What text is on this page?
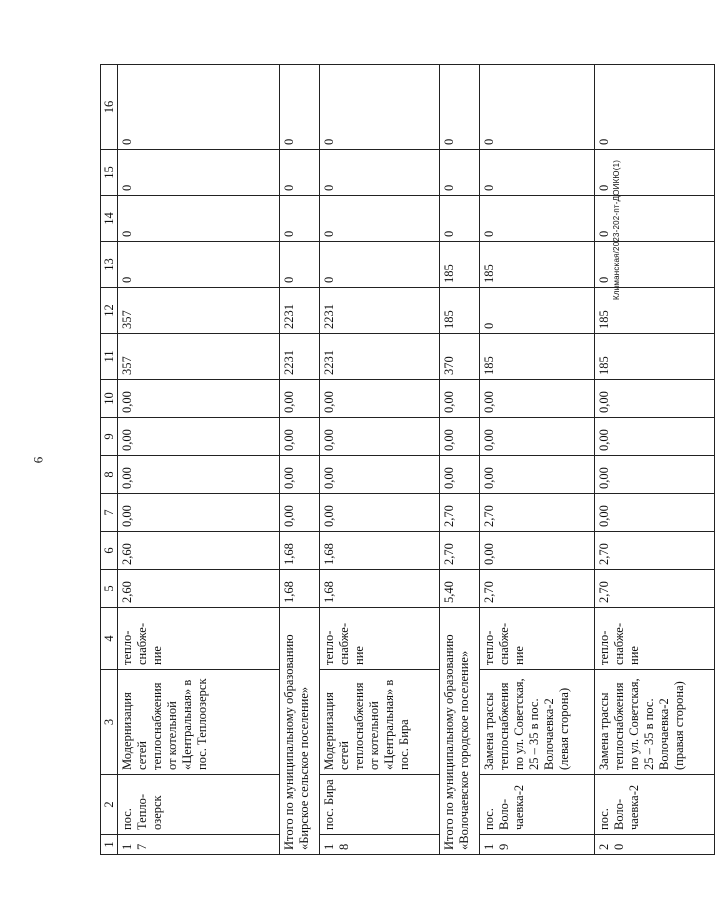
6
Климанская/2023-202-пт-ДОИКЮ(1)
1	2	3	4	5	6	7	8	9	10	11	12	13	14	15	16
17	пос. Тепло-озерск	Модернизация сетей теплоснабжения от котельной «Центральная» в пос. Теплоозерск	тепло-снабже-ние	2,60	2,60	0,00	0,00	0,00	0,00	357	357	0	0	0	0
Итого по муниципальному образованию «Бирское сельское поселение»				1,68	1,68	0,00	0,00	0,00	0,00	2231	2231	0	0	0	0
18	пос. Бира	Модернизация сетей теплоснабжения от котельной «Центральная» в пос. Бира	тепло-снабже-ние	1,68	1,68	0,00	0,00	0,00	0,00	2231	2231	0	0	0	0
Итого по муниципальному образованию «Волочаевское городское поселение»				5,40	2,70	2,70	0,00	0,00	0,00	370	185	185	0	0	0
19	пос. Воло-чаевка-2	Замена трассы теплоснабжения по ул. Советская, 25 – 35 в пос. Волочаевка-2 (левая сторона)	тепло-снабже-ние	2,70	0,00	2,70	0,00	0,00	0,00	185	0	185	0	0	0
20	пос. Воло-чаевка-2	Замена трассы теплоснабжения по ул. Советская, 25 – 35 в пос. Волочаевка-2 (правая сторона)	тепло-снабже-ние	2,70	2,70	0,00	0,00	0,00	0,00	185	185	0	0	0	0
